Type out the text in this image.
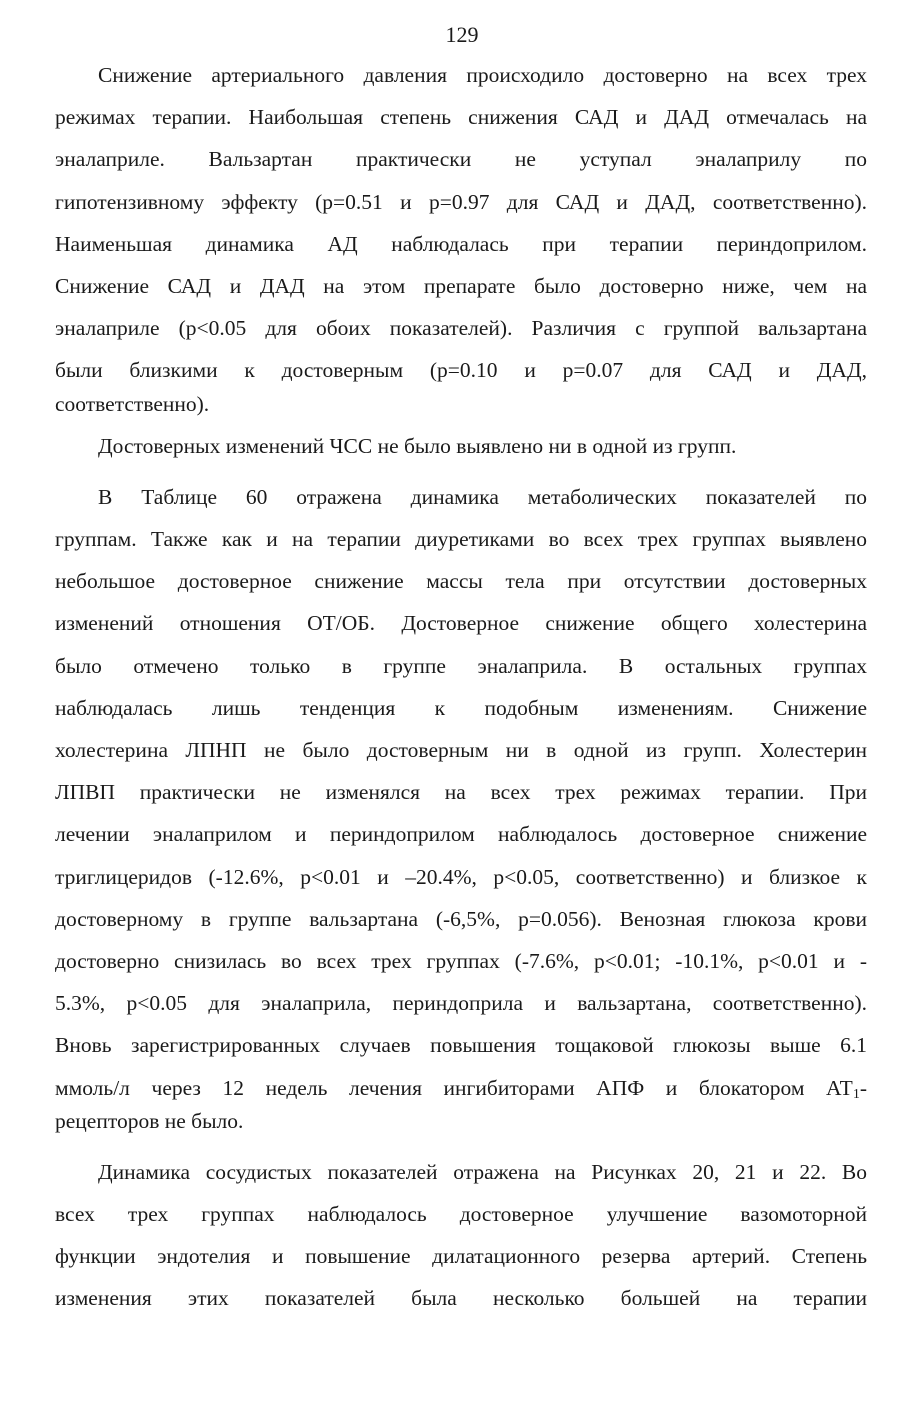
129
Снижение артериального давления происходило достоверно на всех трех
режимах терапии. Наибольшая степень снижения САД и ДАД отмечалась на
эналаприле. Вальзартан практически не уступал эналаприлу по
гипотензивному эффекту (р=0.51 и р=0.97 для САД и ДАД, соответственно).
Наименьшая динамика АД наблюдалась при терапии периндоприлом.
Снижение САД и ДАД на этом препарате было достоверно ниже, чем на
эналаприле (р<0.05 для обоих показателей). Различия с группой вальзартана
были близкими к достоверным (р=0.10 и р=0.07 для САД и ДАД,
соответственно).
Достоверных изменений ЧСС не было выявлено ни в одной из групп.
В Таблице 60 отражена динамика метаболических показателей по
группам. Также как и на терапии диуретиками во всех трех группах выявлено
небольшое достоверное снижение массы тела при отсутствии достоверных
изменений отношения ОТ/ОБ. Достоверное снижение общего холестерина
было отмечено только в группе эналаприла. В остальных группах
наблюдалась лишь тенденция к подобным изменениям. Снижение
холестерина ЛПНП не было достоверным ни в одной из групп. Холестерин
ЛПВП практически не изменялся на всех трех режимах терапии. При
лечении эналаприлом и периндоприлом наблюдалось достоверное снижение
триглицеридов (-12.6%, р<0.01 и –20.4%, р<0.05, соответственно) и близкое к
достоверному в группе вальзартана (-6,5%, р=0.056). Венозная глюкоза крови
достоверно снизилась во всех трех группах (-7.6%, р<0.01; -10.1%, р<0.01 и -
5.3%, р<0.05 для эналаприла, периндоприла и вальзартана, соответственно).
Вновь зарегистрированных случаев повышения тощаковой глюкозы выше 6.1
ммоль/л через 12 недель лечения ингибиторами АПФ и блокатором $АТ_1-$
рецепторов не было.
Динамика сосудистых показателей отражена на Рисунках 20, 21 и 22. Во
всех трех группах наблюдалось достоверное улучшение вазомоторной
функции эндотелия и повышение дилатационного резерва артерий. Степень
изменения этих показателей была несколько большей на терапии
